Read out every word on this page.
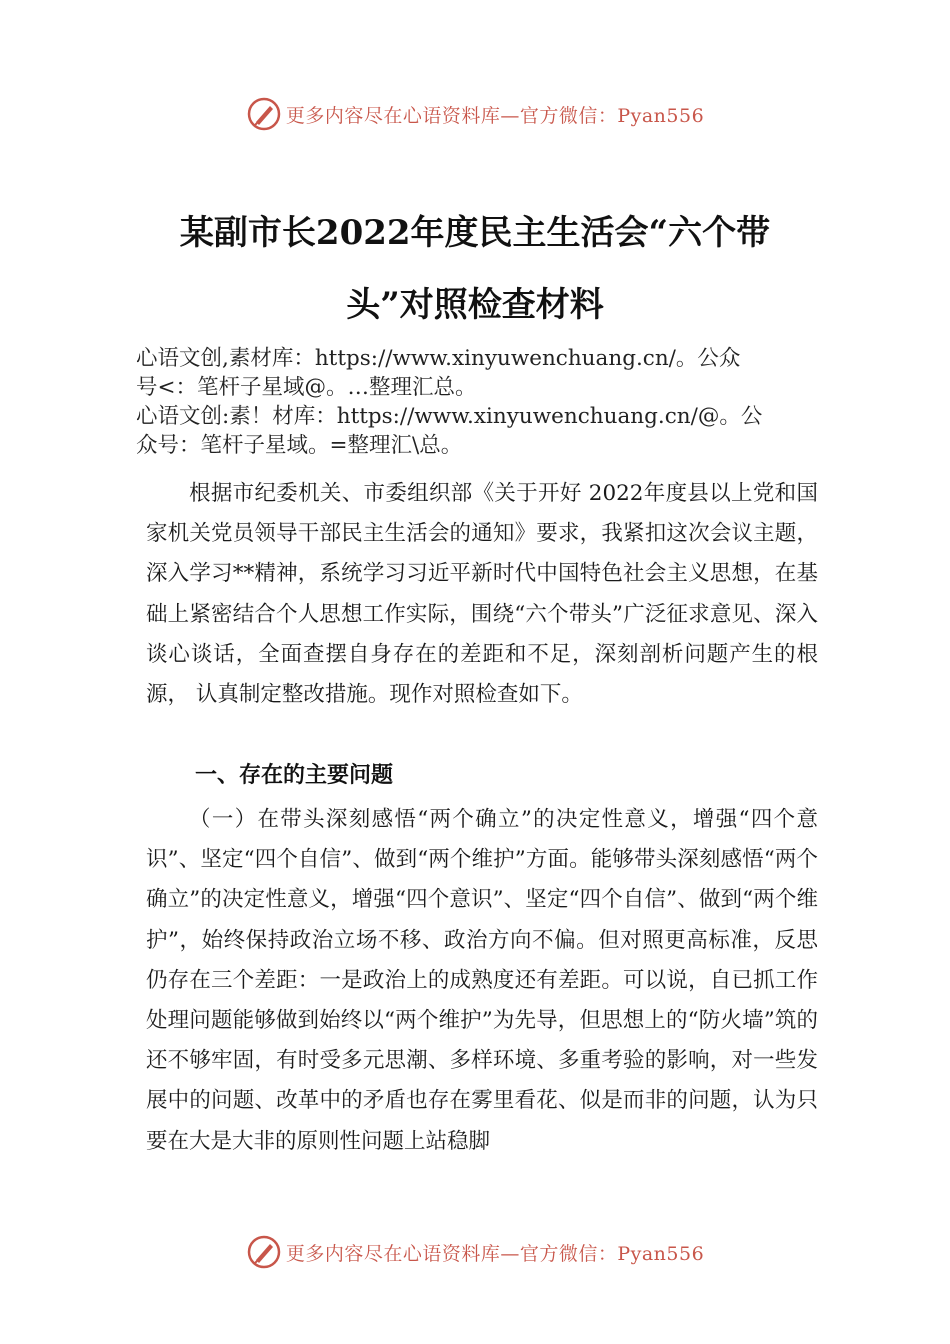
更多内容尽在心语资料库—官方微信：Pyan556
某副市长2022年度民主生活会“六个带
头”对照检查材料

心语文创,素材库：https://www.xinyuwenchuang.cn/。公众

号<：笔杆子星域@。…整理汇总。

心语文创:素！材库：https://www.xinyuwenchuang.cn/@。公

众号：笔杆子星域。=整理汇\总。

根据市纪委机关、市委组织部《关于开好 2022年度县以上党和国家机关党员领导干部民主生活会的通知》要求，我紧扣这次会议主题，深入学习**精神，系统学习习近平新时代中国特色社会主义思想，在基础上紧密结合个人思想工作实际，围绕“六个带头”广泛征求意见、深入谈心谈话，全面查摆自身存在的差距和不足，深刻剖析问题产生的根源， 认真制定整改措施。现作对照检查如下。

一、存在的主要问题

（一）在带头深刻感悟“两个确立”的决定性意义，增强“四个意识”、坚定“四个自信”、做到“两个维护”方面。能够带头深刻感悟“两个确立”的决定性意义，增强“四个意识”、坚定“四个自信”、做到“两个维护”，始终保持政治立场不移、政治方向不偏。但对照更高标准，反思仍存在三个差距：一是政治上的成熟度还有差距。可以说，自已抓工作处理问题能够做到始终以“两个维护”为先导，但思想上的“防火墙”筑的还不够牢固，有时受多元思潮、多样环境、多重考验的影响，对一些发展中的问题、改革中的矛盾也存在雾里看花、似是而非的问题，认为只要在大是大非的原则性问题上站稳脚

更多内容尽在心语资料库—官方微信：Pyan556
